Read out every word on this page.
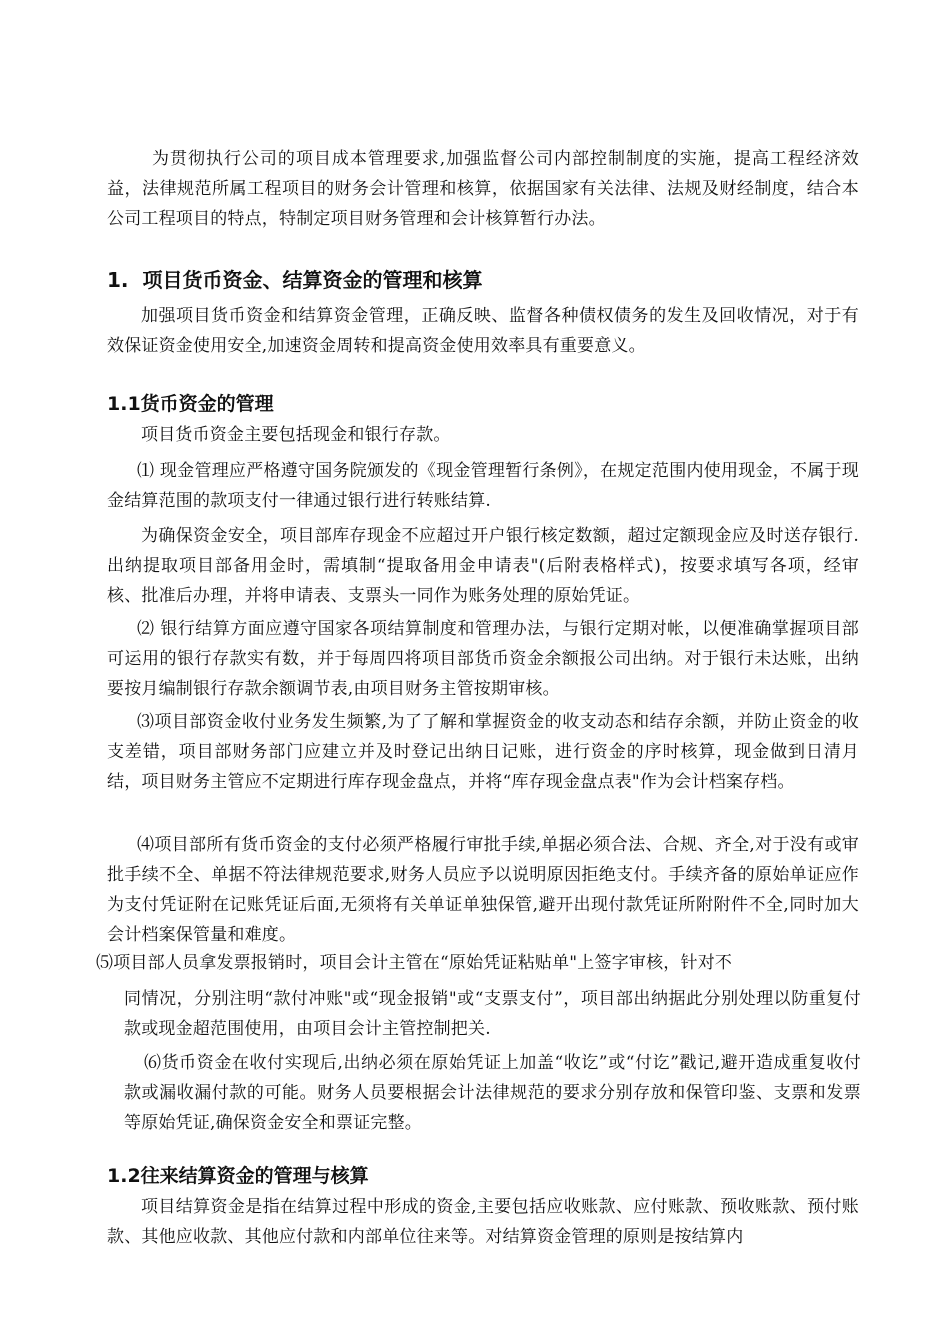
为贯彻执行公司的项目成本管理要求,加强监督公司内部控制制度的实施，提高工程经济效益，法律规范所属工程项目的财务会计管理和核算，依据国家有关法律、法规及财经制度，结合本公司工程项目的特点，特制定项目财务管理和会计核算暂行办法。

1.  项目货币资金、结算资金的管理和核算

加强项目货币资金和结算资金管理，正确反映、监督各种债权债务的发生及回收情况，对于有效保证资金使用安全,加速资金周转和提高资金使用效率具有重要意义。

1.1货币资金的管理

项目货币资金主要包括现金和银行存款。

⑴ 现金管理应严格遵守国务院颁发的《现金管理暂行条例》，在规定范围内使用现金，不属于现金结算范围的款项支付一律通过银行进行转账结算.

为确保资金安全，项目部库存现金不应超过开户银行核定数额，超过定额现金应及时送存银行.出纳提取项目部备用金时，需填制“提取备用金申请表"(后附表格样式)，按要求填写各项，经审核、批准后办理，并将申请表、支票头一同作为账务处理的原始凭证。

⑵ 银行结算方面应遵守国家各项结算制度和管理办法，与银行定期对帐，以便准确掌握项目部可运用的银行存款实有数，并于每周四将项目部货币资金余额报公司出纳。对于银行未达账，出纳要按月编制银行存款余额调节表,由项目财务主管按期审核。

⑶项目部资金收付业务发生频繁,为了了解和掌握资金的收支动态和结存余额，并防止资金的收支差错，项目部财务部门应建立并及时登记出纳日记账，进行资金的序时核算，现金做到日清月结，项目财务主管应不定期进行库存现金盘点，并将“库存现金盘点表"作为会计档案存档。

⑷项目部所有货币资金的支付必须严格履行审批手续,单据必须合法、合规、齐全,对于没有或审批手续不全、单据不符法律规范要求,财务人员应予以说明原因拒绝支付。手续齐备的原始单证应作为支付凭证附在记账凭证后面,无须将有关单证单独保管,避开出现付款凭证所附附件不全,同时加大会计档案保管量和难度。

⑸项目部人员拿发票报销时，项目会计主管在“原始凭证粘贴单"上签字审核，针对不

同情况，分别注明“款付冲账"或“现金报销"或“支票支付”，项目部出纳据此分别处理以防重复付款或现金超范围使用，由项目会计主管控制把关.

⑹货币资金在收付实现后,出纳必须在原始凭证上加盖“收讫”或“付讫”戳记,避开造成重复收付款或漏收漏付款的可能。财务人员要根据会计法律规范的要求分别存放和保管印鉴、支票和发票等原始凭证,确保资金安全和票证完整。

1.2往来结算资金的管理与核算

项目结算资金是指在结算过程中形成的资金,主要包括应收账款、应付账款、预收账款、预付账款、其他应收款、其他应付款和内部单位往来等。对结算资金管理的原则是按结算内
